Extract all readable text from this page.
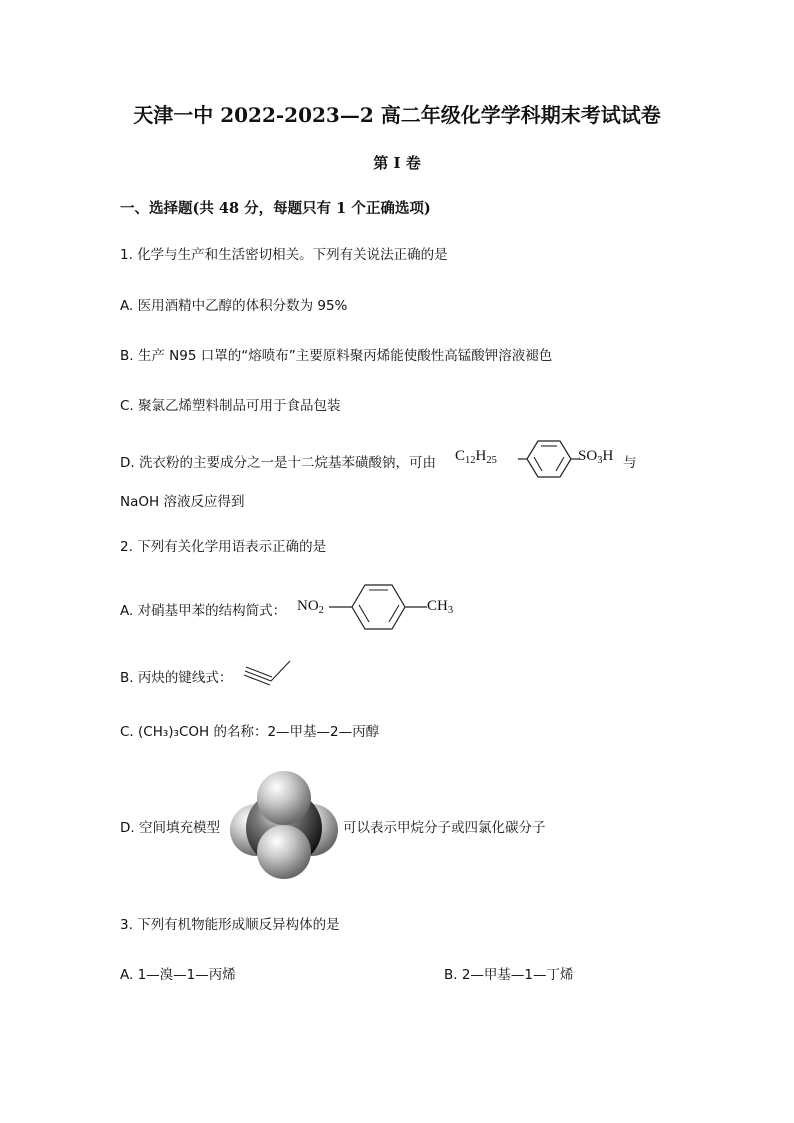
天津一中 2022-2023—2 高二年级化学学科期末考试试卷
第 I 卷
一、选择题(共 48 分，每题只有 1 个正确选项)
1. 化学与生产和生活密切相关。下列有关说法正确的是
A. 医用酒精中乙醇的体积分数为 95%
B. 生产 N95 口罩的“熔喷布”主要原料聚丙烯能使酸性高锰酸钾溶液褪色
C. 聚氯乙烯塑料制品可用于食品包装
D. 洗衣粉的主要成分之一是十二烷基苯磺酸钠，可由 $C_{12}H_{25}$	$SO_3H$ 与
NaOH 溶液反应得到
2. 下列有关化学用语表示正确的是
A. 对硝基甲苯的结构简式： $NO_2$	$CH_3$
B. 丙炔的键线式：
C. (CH₃)₃COH 的名称：2—甲基—2—丙醇
D. 空间填充模型	可以表示甲烷分子或四氯化碳分子
3. 下列有机物能形成顺反异构体的是
A. 1—溴—1—丙烯	B. 2—甲基—1—丁烯
